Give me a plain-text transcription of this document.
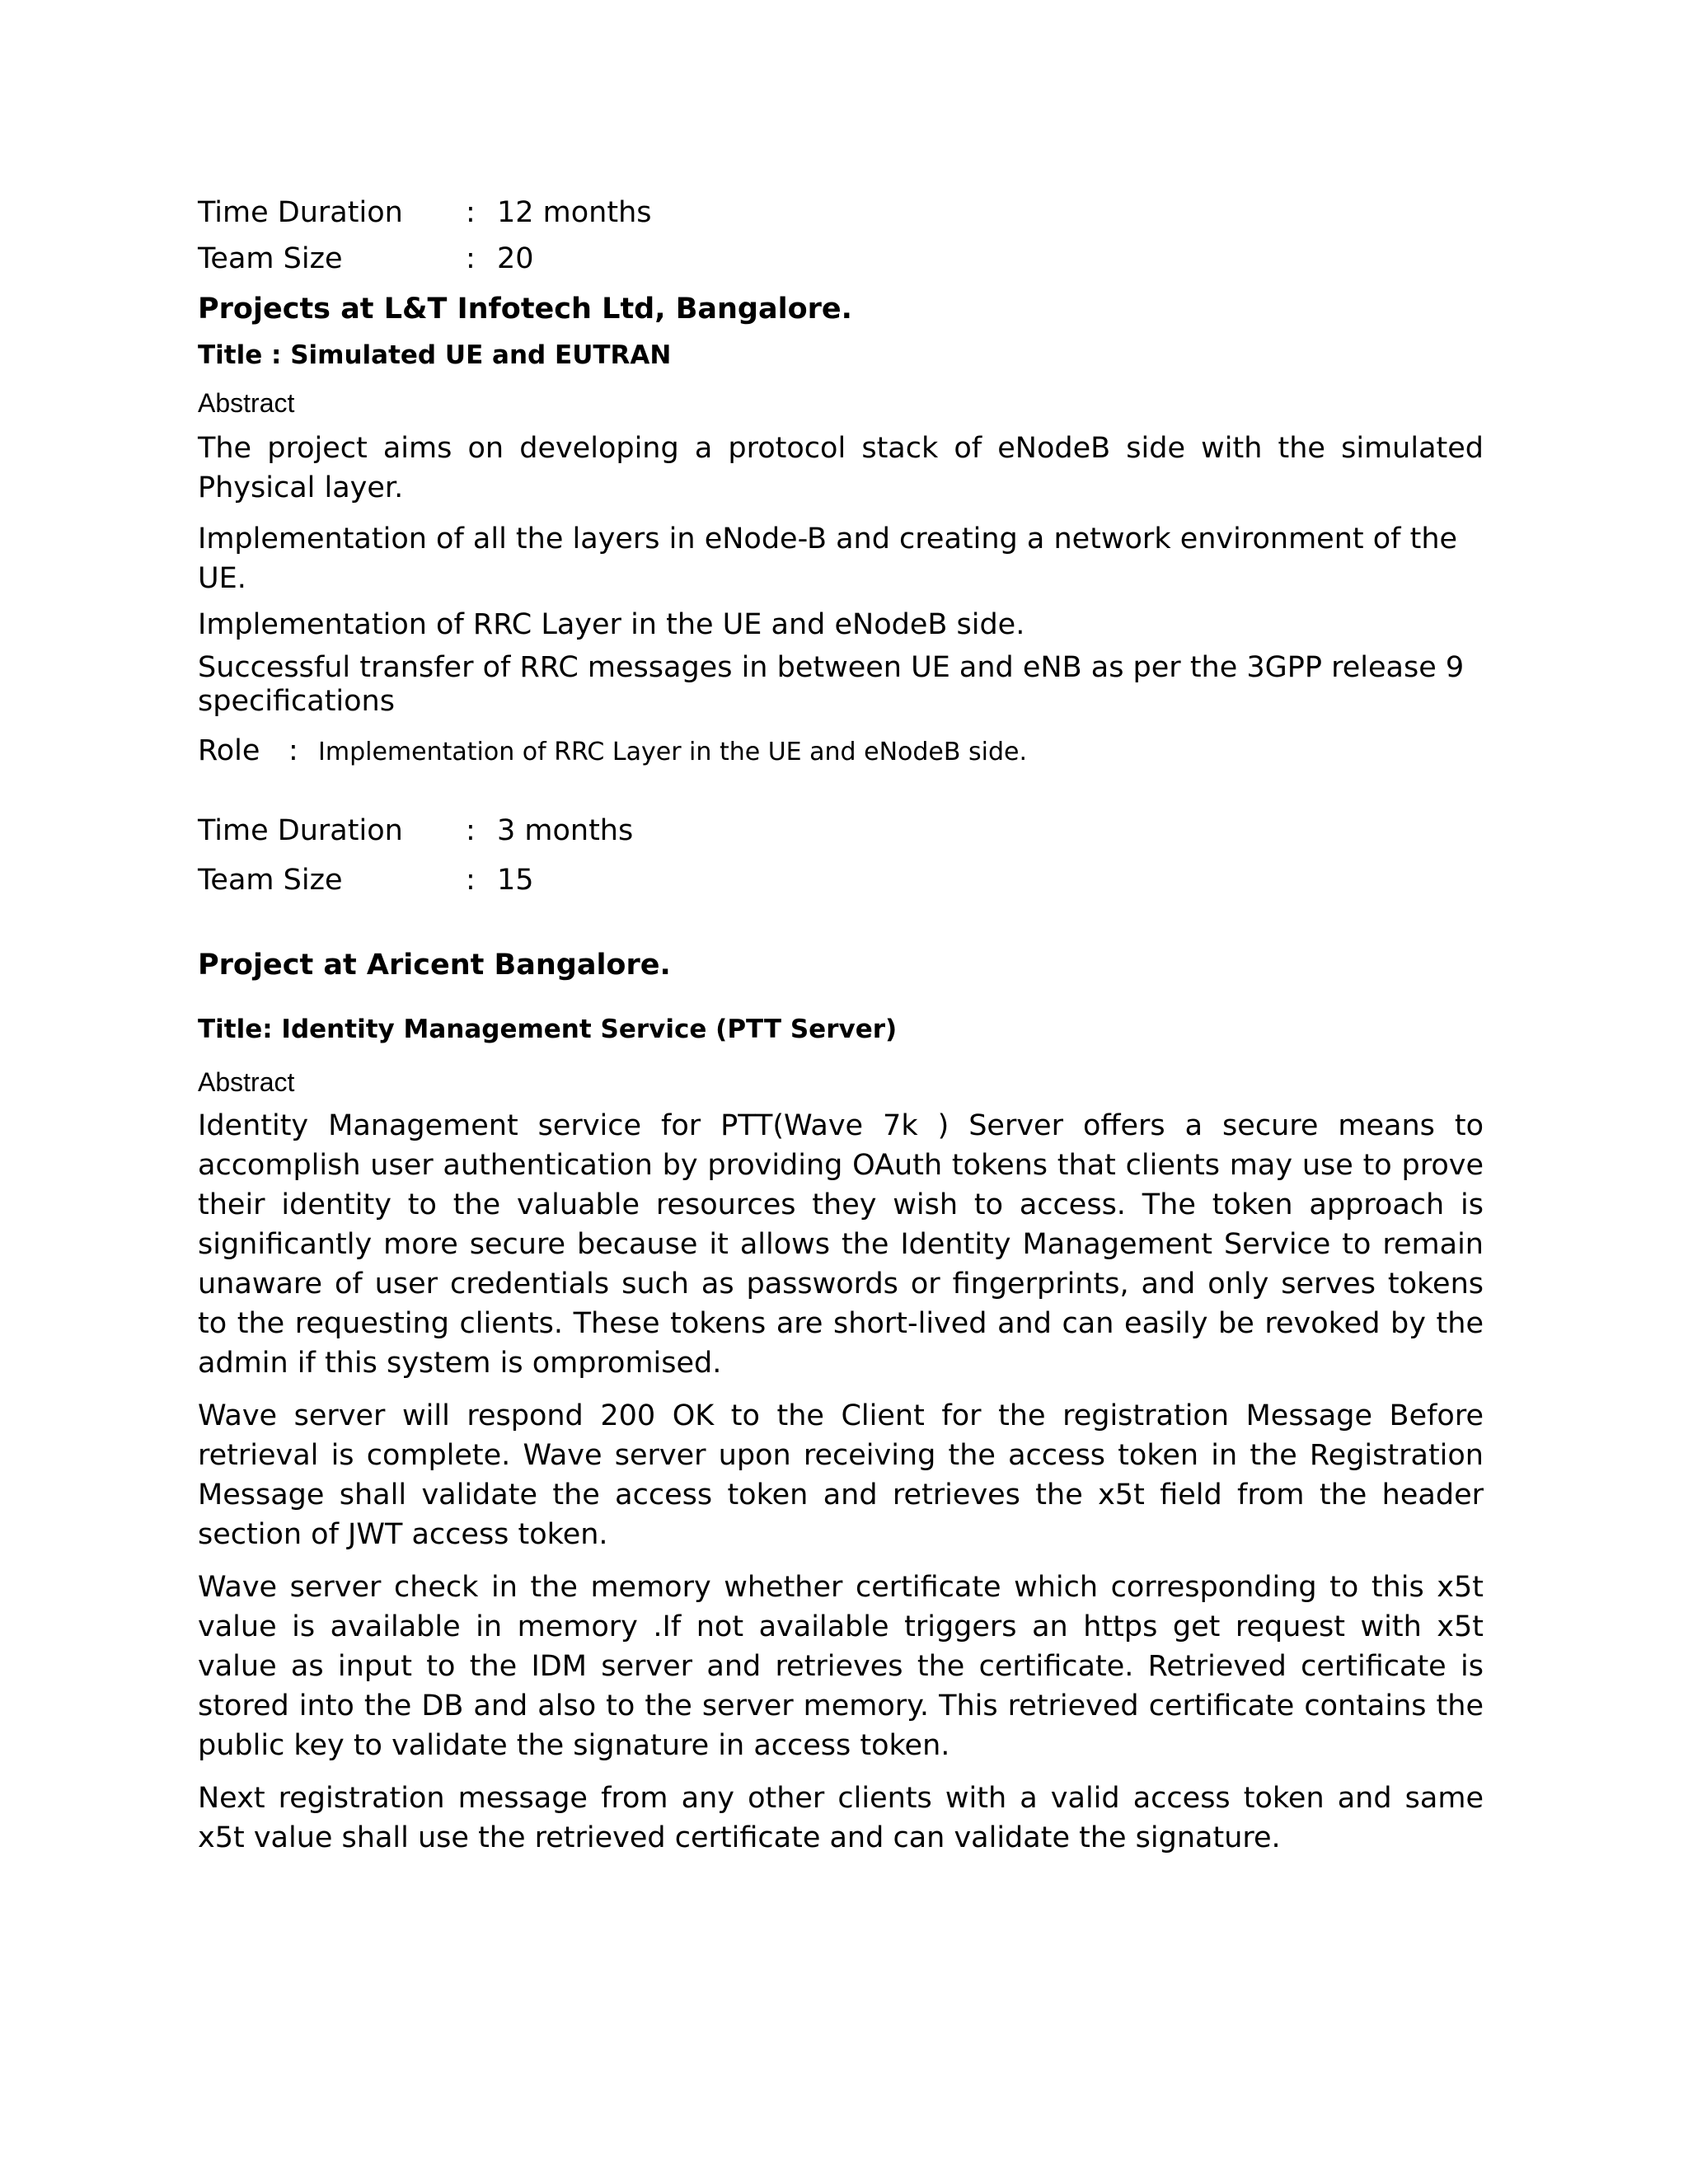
Time Duration	: 12 months
Team Size	: 20
Projects at L&T Infotech Ltd, Bangalore.
Title : Simulated UE and EUTRAN
Abstract

The project aims on developing a protocol stack of eNodeB side with the simulated Physical layer.

Implementation of all the layers in eNode-B and creating a network environment of the UE.

Implementation of RRC Layer in the UE and eNodeB side.

Successful transfer of RRC messages in between UE and eNB as per the 3GPP release 9 specifications

Role : Implementation of RRC Layer in the UE and eNodeB side.
Time Duration	: 3 months
Team Size	: 15
Project at Aricent Bangalore.
Title: Identity Management Service (PTT Server)
Abstract

Identity Management service for PTT(Wave 7k ) Server offers a secure means to accomplish user authentication by providing OAuth tokens that clients may use to prove their identity to the valuable resources they wish to access. The token approach is significantly more secure because it allows the Identity Management Service to remain unaware of user credentials such as passwords or fingerprints, and only serves tokens to the requesting clients. These tokens are short-lived and can easily be revoked by the admin if this system is ompromised.

Wave server will respond 200 OK to the Client for the registration Message Before retrieval is complete. Wave server upon receiving the access token in the Registration Message shall validate the access token and retrieves the x5t field from the header section of JWT access token.

Wave server check in the memory whether certificate which corresponding to this x5t value is available in memory .If not available triggers an https get request with x5t value as input to the IDM server and retrieves the certificate. Retrieved certificate is stored into the DB and also to the server memory. This retrieved certificate contains the public key to validate the signature in access token.

Next registration message from any other clients with a valid access token and same x5t value shall use the retrieved certificate and can validate the signature.
